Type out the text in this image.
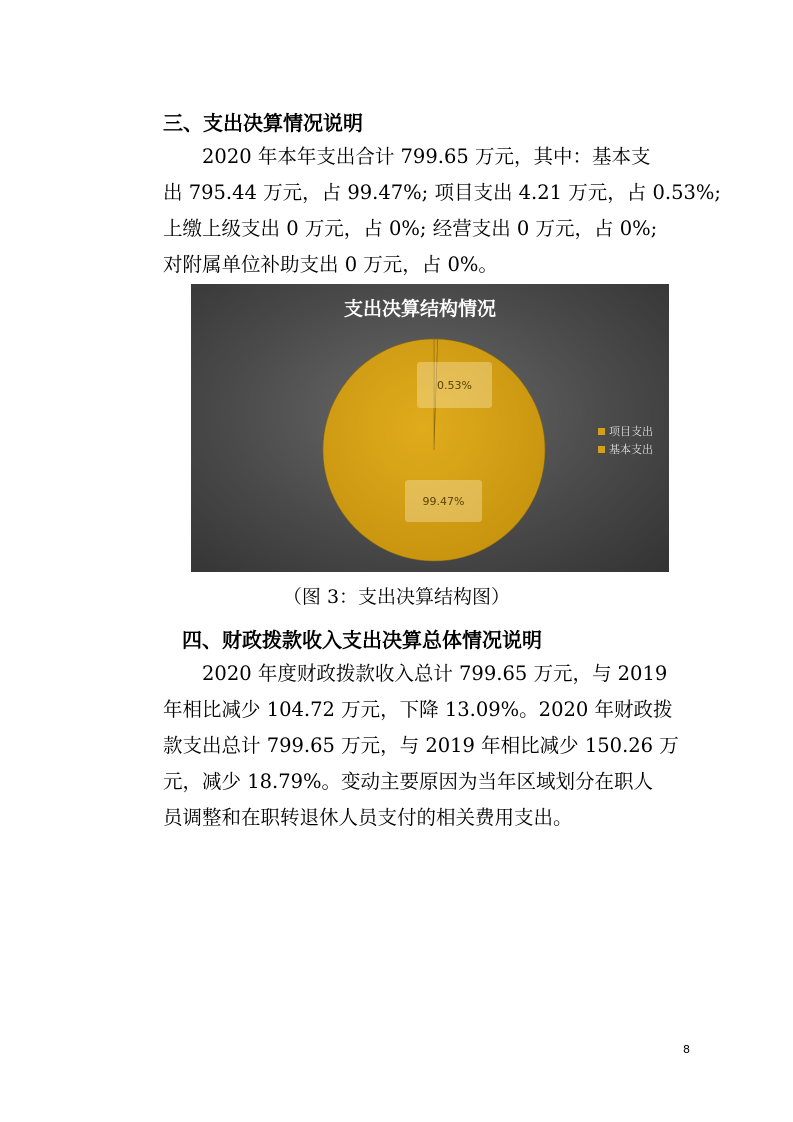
三、支出决算情况说明
2020 年本年支出合计 799.65 万元，其中：基本支
出 795.44 万元，占 99.47%; 项目支出 4.21 万元，占 0.53%;
上缴上级支出 0 万元，占 0%; 经营支出 0 万元，占 0%;
对附属单位补助支出 0 万元，占 0%。
支出决算结构情况
0.53%
99.47%
项目支出
基本支出
（图 3：支出决算结构图）
四、财政拨款收入支出决算总体情况说明
2020 年度财政拨款收入总计 799.65 万元，与 2019
年相比减少 104.72 万元，下降 13.09%。2020 年财政拨
款支出总计 799.65 万元，与 2019 年相比减少 150.26 万
元，减少 18.79%。变动主要原因为当年区域划分在职人
员调整和在职转退休人员支付的相关费用支出。
8
